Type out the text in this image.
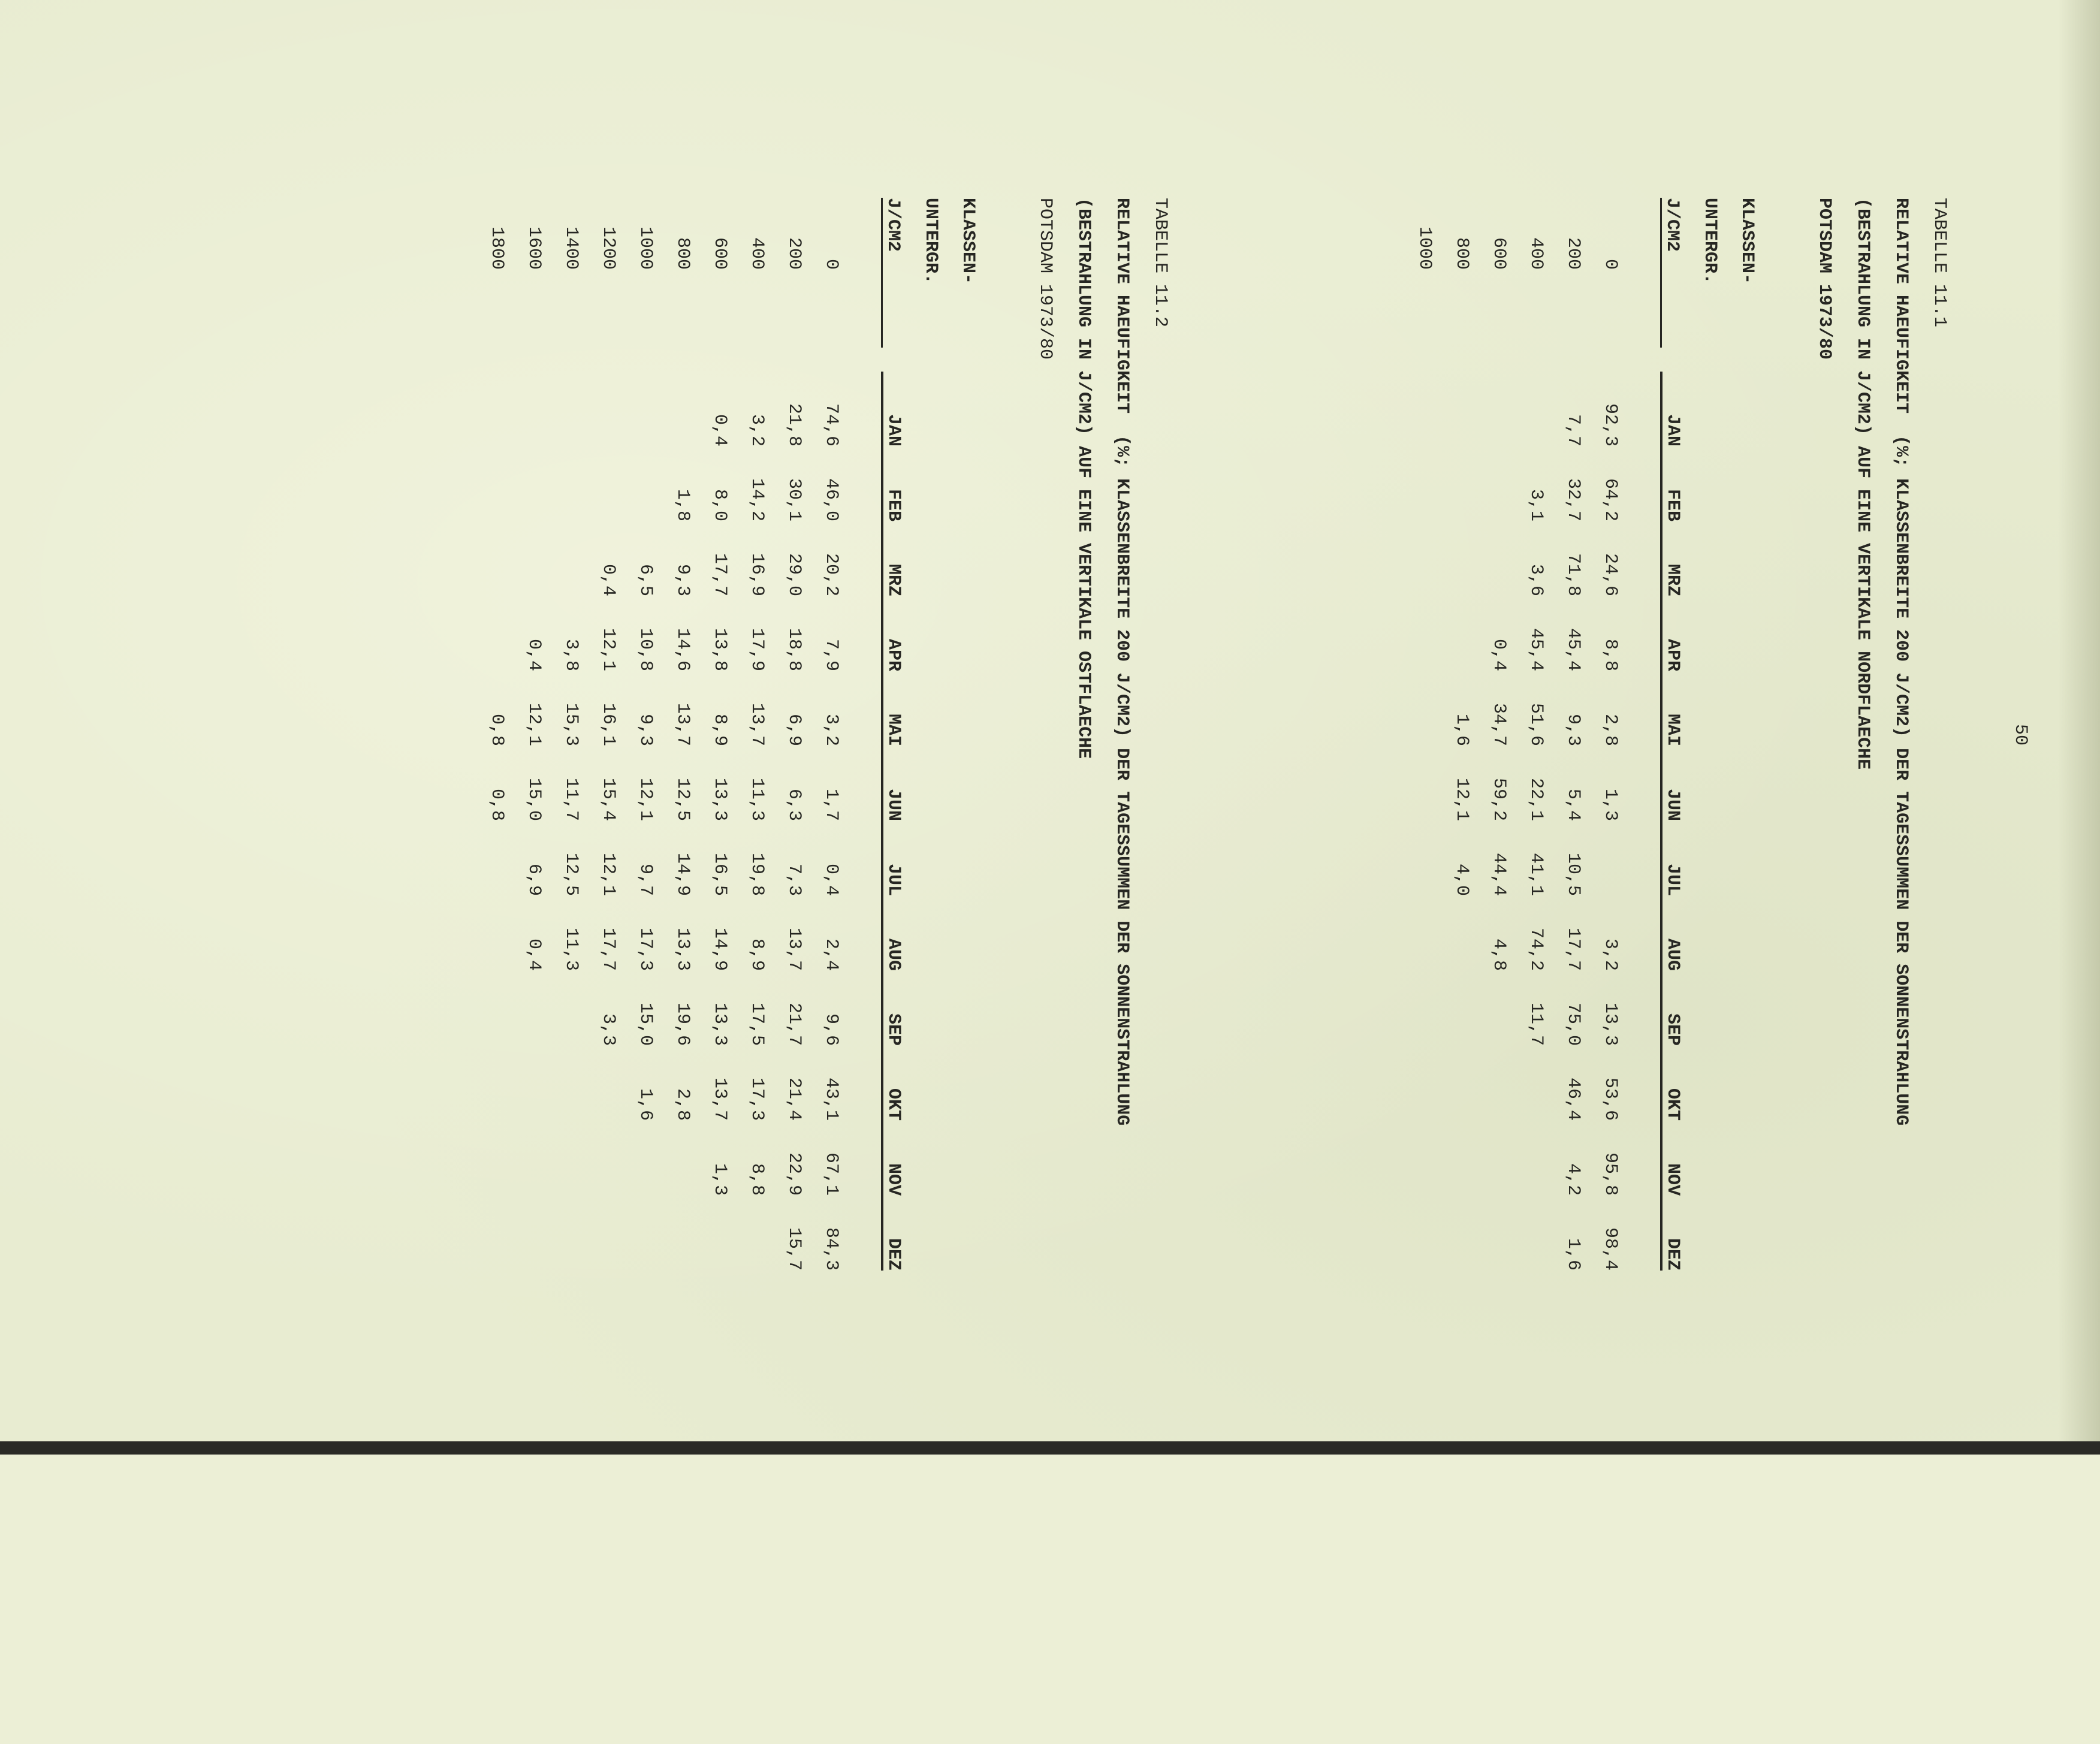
50
TABELLE 11.1
RELATIVE HAEUFIGKEIT  (%; KLASSENBREITE 200 J/CM2) DER TAGESSUMMEN DER SONNENSTRAHLUNG
(BESTRAHLUNG IN J/CM2) AUF EINE VERTIKALE NORDFLAECHE
POTSDAM 1973/80
KLASSEN-													
UNTERGR.													
J/CM2		JAN	FEB	MRZ	APR	MAI	JUN	JUL	AUG	SEP	OKT	NOV	DEZ
0		92,3	64,2	24,6	8,8	2,8	1,3		3,2	13,3	53,6	95,8	98,4
200		7,7	32,7	71,8	45,4	9,3	5,4	10,5	17,7	75,0	46,4	4,2	1,6
400			3,1	3,6	45,4	51,6	22,1	41,1	74,2	11,7			
600					0,4	34,7	59,2	44,4	4,8				
800						1,6	12,1	4,0					
1000													
TABELLE 11.2
RELATIVE HAEUFIGKEIT  (%; KLASSENBREITE 200 J/CM2) DER TAGESSUMMEN DER SONNENSTRAHLUNG
(BESTRAHLUNG IN J/CM2) AUF EINE VERTIKALE OSTFLAECHE
POTSDAM 1973/80
KLASSEN-													
UNTERGR.													
J/CM2		JAN	FEB	MRZ	APR	MAI	JUN	JUL	AUG	SEP	OKT	NOV	DEZ
0		74,6	46,0	20,2	7,9	3,2	1,7	0,4	2,4	9,6	43,1	67,1	84,3
200		21,8	30,1	29,0	18,8	6,9	6,3	7,3	13,7	21,7	21,4	22,9	15,7
400		3,2	14,2	16,9	17,9	13,7	11,3	19,8	8,9	17,5	17,3	8,8	
600		0,4	8,0	17,7	13,8	8,9	13,3	16,5	14,9	13,3	13,7	1,3	
800			1,8	9,3	14,6	13,7	12,5	14,9	13,3	19,6	2,8		
1000				6,5	10,8	9,3	12,1	9,7	17,3	15,0	1,6		
1200				0,4	12,1	16,1	15,4	12,1	17,7	3,3			
1400					3,8	15,3	11,7	12,5	11,3				
1600					0,4	12,1	15,0	6,9	0,4				
1800						0,8	0,8						
